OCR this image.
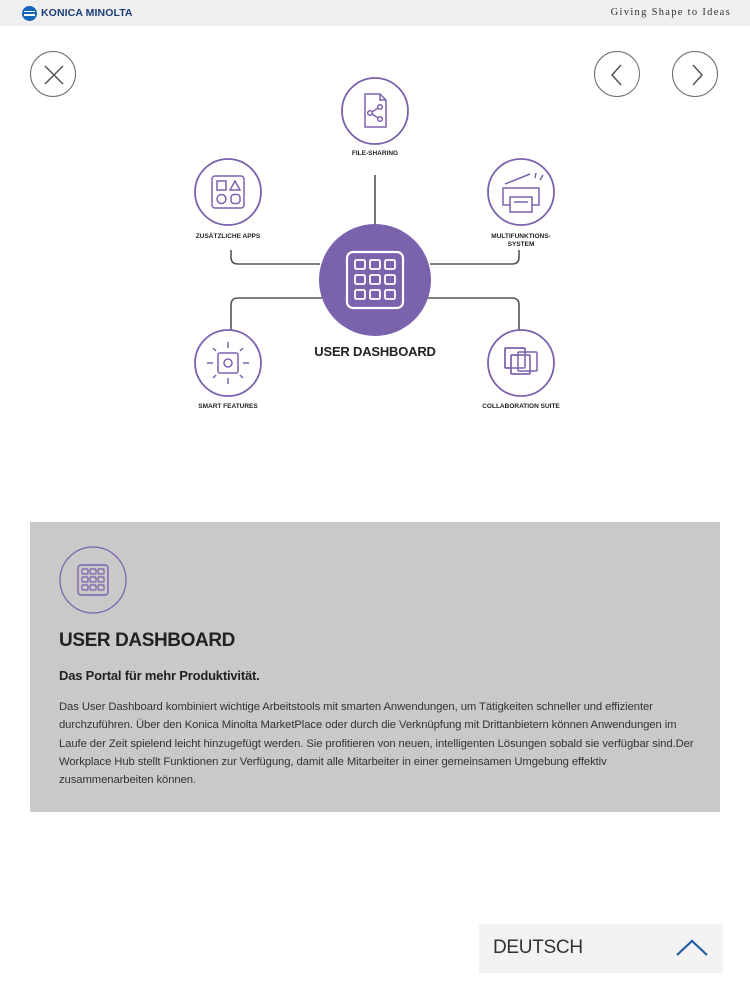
KONICA MINOLTA	Giving Shape to Ideas
FILE-SHARING
ZUSÄTZLICHE APPS	MULTIFUNKTIONS-
SYSTEM
SMART FEATURES	COLLABORATION SUITE
USER DASHBOARD
USER DASHBOARD
Das Portal für mehr Produktivität.
Das User Dashboard kombiniert wichtige Arbeitstools mit smarten Anwendungen, um Tätigkeiten schneller und effizienter durchzuführen. Über den Konica Minolta MarketPlace oder durch die Verknüpfung mit Drittanbietern können Anwendungen im Laufe der Zeit spielend leicht hinzugefügt werden. Sie profitieren von neuen, intelligenten Lösungen sobald sie verfügbar sind.Der Workplace Hub stellt Funktionen zur Verfügung, damit alle Mitarbeiter in einer gemeinsamen Umgebung effektiv zusammenarbeiten können.
DEUTSCH
